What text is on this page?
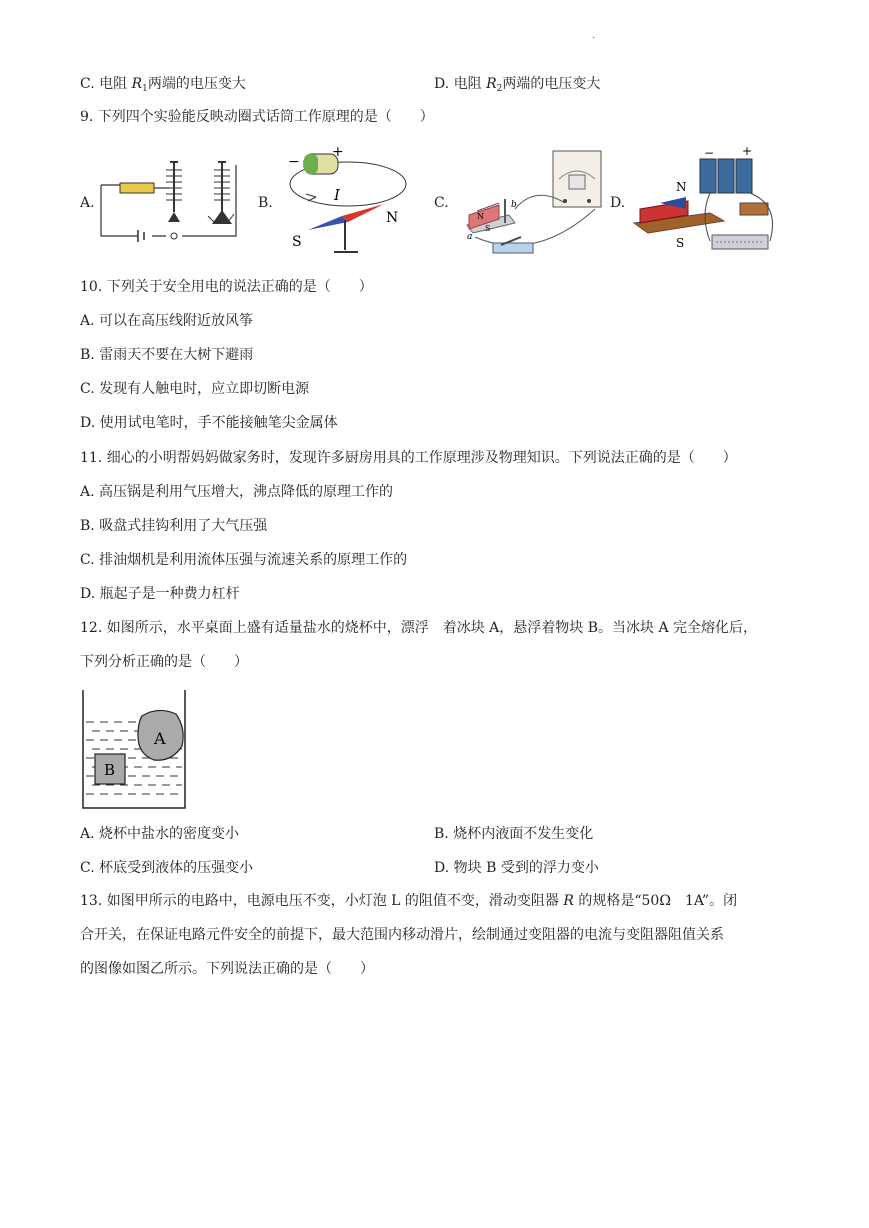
.
C. 电阻 $R_1$两端的电压变大	D. 电阻 $R_2$两端的电压变大
9. 下列四个实验能反映动圈式话筒工作原理的是（　　）
A.	B.
−
+
I
S
N
C.
N
S
a
b	D.
− +
N
S
10. 下列关于安全用电的说法正确的是（　　）
A. 可以在高压线附近放风筝
B. 雷雨天不要在大树下避雨
C. 发现有人触电时，应立即切断电源
D. 使用试电笔时，手不能接触笔尖金属体
11. 细心的小明帮妈妈做家务时，发现许多厨房用具的工作原理涉及物理知识。下列说法正确的是（　　）
A. 高压锅是利用气压增大，沸点降低的原理工作的
B. 吸盘式挂钩利用了大气压强
C. 排油烟机是利用流体压强与流速关系的原理工作的
D. 瓶起子是一种费力杠杆
12. 如图所示，水平桌面上盛有适量盐水的烧杯中，漂浮　着冰块 A，悬浮着物块 B。当冰块 A 完全熔化后，
下列分析正确的是（　　）
A
B
A. 烧杯中盐水的密度变小	B. 烧杯内液面不发生变化
C. 杯底受到液体的压强变小	D. 物块 B 受到的浮力变小
13. 如图甲所示的电路中，电源电压不变，小灯泡 L 的阻值不变，滑动变阻器 R 的规格是“50Ω　1A”。闭
合开关，在保证电路元件安全的前提下，最大范围内移动滑片，绘制通过变阻器的电流与变阻器阻值关系
的图像如图乙所示。下列说法正确的是（　　）
